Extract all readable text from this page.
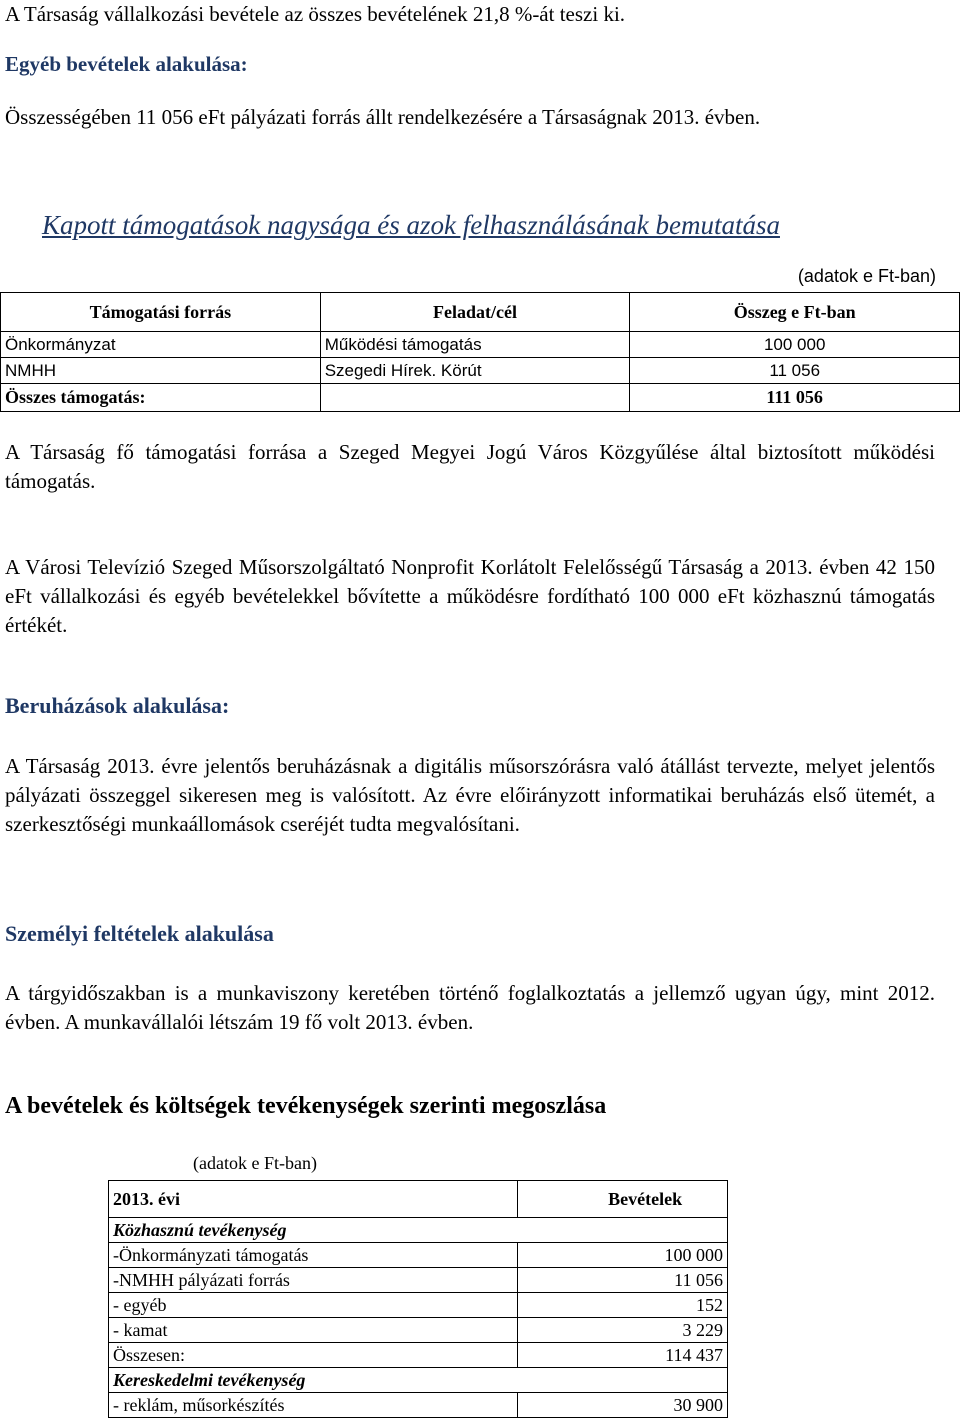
A Társaság vállalkozási bevétele az összes bevételének 21,8 %-át teszi ki.
Egyéb bevételek alakulása:
Összességében 11 056 eFt pályázati forrás állt rendelkezésére a Társaságnak 2013. évben.
Kapott támogatások nagysága és azok felhasználásának bemutatása
(adatok e Ft-ban)
Támogatási forrás	Feladat/cél	Összeg e Ft-ban
Önkormányzat	Működési támogatás	100 000
NMHH	Szegedi Hírek. Körút	11 056
Összes támogatás:		111 056
A Társaság fő támogatási forrása a Szeged Megyei Jogú Város Közgyűlése által biztosított működési támogatás.
A Városi Televízió Szeged Műsorszolgáltató Nonprofit Korlátolt Felelősségű Társaság a 2013. évben 42 150 eFt vállalkozási és egyéb bevételekkel bővítette a működésre fordítható 100 000 eFt közhasznú támogatás értékét.
Beruházások alakulása:
A Társaság 2013. évre jelentős beruházásnak a digitális műsorszórásra való átállást tervezte, melyet jelentős pályázati összeggel sikeresen meg is valósított. Az évre előirányzott informatikai beruházás első ütemét, a szerkesztőségi munkaállomások cseréjét tudta megvalósítani.
Személyi feltételek alakulása
A tárgyidőszakban is a munkaviszony keretében történő foglalkoztatás a jellemző ugyan úgy, mint 2012. évben. A munkavállalói létszám 19 fő volt 2013. évben.
A bevételek és költségek tevékenységek szerinti megoszlása
(adatok e Ft-ban)
2013. évi	Bevételek
Közhasznú tevékenység	
-Önkormányzati támogatás	100 000
-NMHH pályázati forrás	11 056
- egyéb	152
- kamat	3 229
Összesen:	114 437
Kereskedelmi tevékenység	
- reklám, műsorkészítés	30 900
